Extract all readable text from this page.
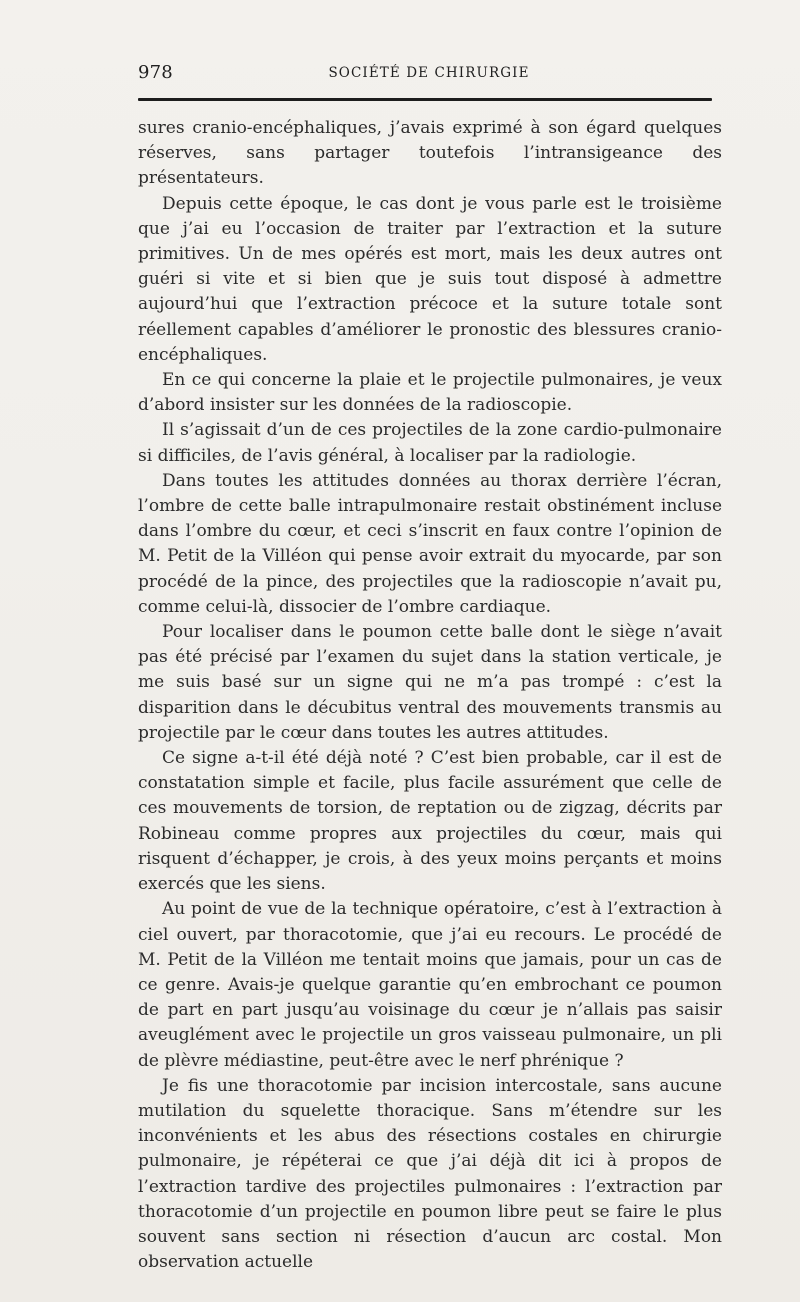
978	SOCIÉTÉ DE CHIRURGIE

sures cranio-encéphaliques, j’avais exprimé à son égard quelques réserves, sans partager toutefois l’intransigeance des présentateurs.

Depuis cette époque, le cas dont je vous parle est le troisième que j’ai eu l’occasion de traiter par l’extraction et la suture primitives. Un de mes opérés est mort, mais les deux autres ont guéri si vite et si bien que je suis tout disposé à admettre aujourd’hui que l’extraction précoce et la suture totale sont réellement capables d’améliorer le pronostic des blessures cranio-encéphaliques.

En ce qui concerne la plaie et le projectile pulmonaires, je veux d’abord insister sur les données de la radioscopie.

Il s’agissait d’un de ces projectiles de la zone cardio-pulmonaire si difficiles, de l’avis général, à localiser par la radiologie.

Dans toutes les attitudes données au thorax derrière l’écran, l’ombre de cette balle intrapulmonaire restait obstinément incluse dans l’ombre du cœur, et ceci s’inscrit en faux contre l’opinion de M. Petit de la Villéon qui pense avoir extrait du myocarde, par son procédé de la pince, des projectiles que la radioscopie n’avait pu, comme celui-là, dissocier de l’ombre cardiaque.

Pour localiser dans le poumon cette balle dont le siège n’avait pas été précisé par l’examen du sujet dans la station verticale, je me suis basé sur un signe qui ne m’a pas trompé : c’est la disparition dans le décubitus ventral des mouvements transmis au projectile par le cœur dans toutes les autres attitudes.

Ce signe a-t-il été déjà noté ? C’est bien probable, car il est de constatation simple et facile, plus facile assurément que celle de ces mouvements de torsion, de reptation ou de zigzag, décrits par Robineau comme propres aux projectiles du cœur, mais qui risquent d’échapper, je crois, à des yeux moins perçants et moins exercés que les siens.

Au point de vue de la technique opératoire, c’est à l’extraction à ciel ouvert, par thoracotomie, que j’ai eu recours. Le procédé de M. Petit de la Villéon me tentait moins que jamais, pour un cas de ce genre. Avais-je quelque garantie qu’en embrochant ce poumon de part en part jusqu’au voisinage du cœur je n’allais pas saisir aveuglément avec le projectile un gros vaisseau pulmonaire, un pli de plèvre médiastine, peut-être avec le nerf phrénique ?

Je fis une thoracotomie par incision intercostale, sans aucune mutilation du squelette thoracique. Sans m’étendre sur les inconvénients et les abus des résections costales en chirurgie pulmonaire, je répéterai ce que j’ai déjà dit ici à propos de l’extraction tardive des projectiles pulmonaires : l’extraction par thoracotomie d’un projectile en poumon libre peut se faire le plus souvent sans section ni résection d’aucun arc costal. Mon observation actuelle
